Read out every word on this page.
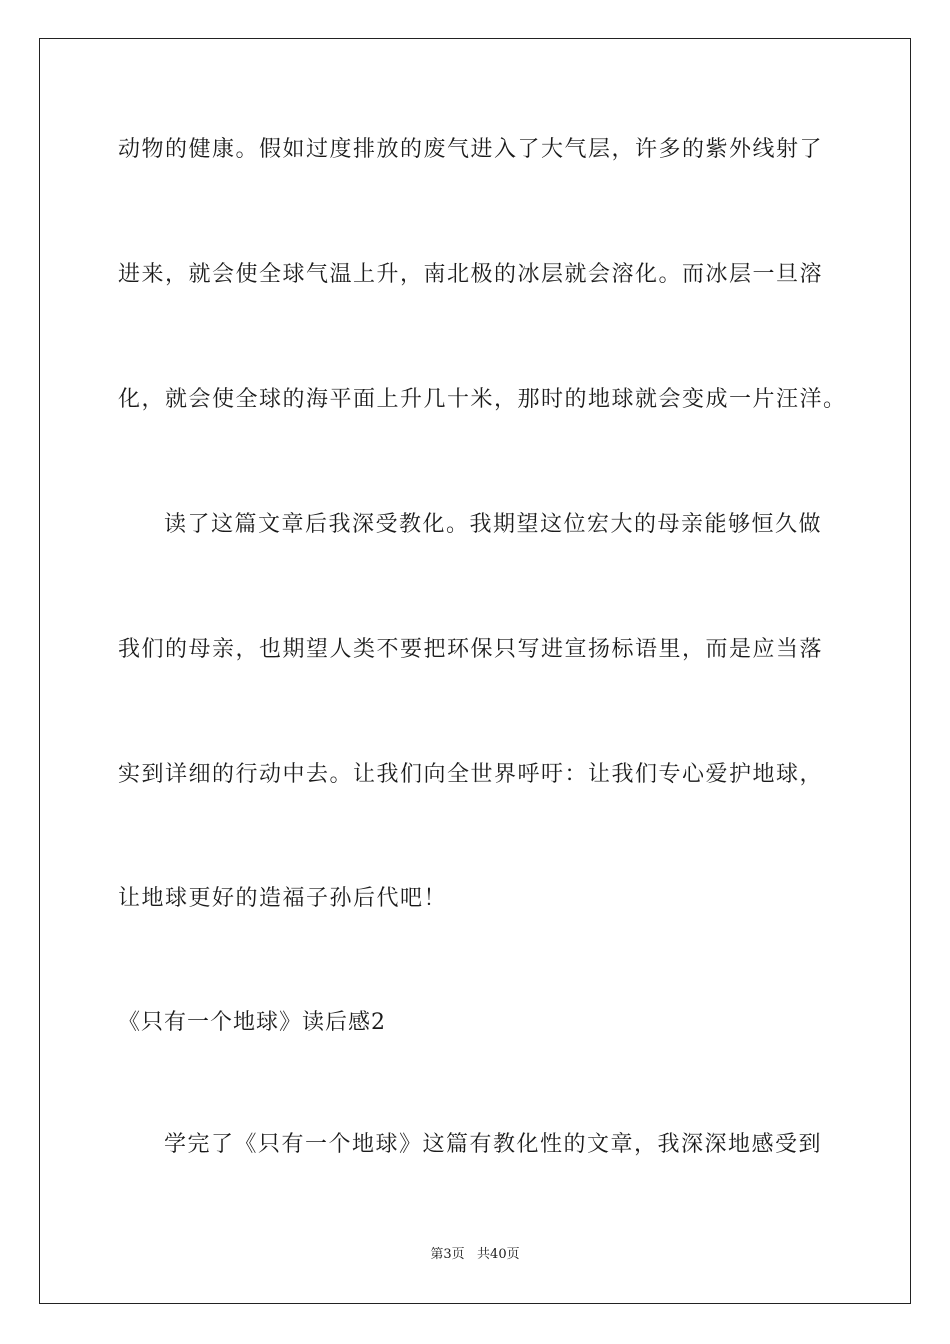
动物的健康。假如过度排放的废气进入了大气层，许多的紫外线射了
进来，就会使全球气温上升，南北极的冰层就会溶化。而冰层一旦溶
化，就会使全球的海平面上升几十米，那时的地球就会变成一片汪洋。
读了这篇文章后我深受教化。我期望这位宏大的母亲能够恒久做
我们的母亲，也期望人类不要把环保只写进宣扬标语里，而是应当落
实到详细的行动中去。让我们向全世界呼吁：让我们专心爱护地球，
让地球更好的造福子孙后代吧！
《只有一个地球》读后感2
学完了《只有一个地球》这篇有教化性的文章，我深深地感受到
第3页   共40页
